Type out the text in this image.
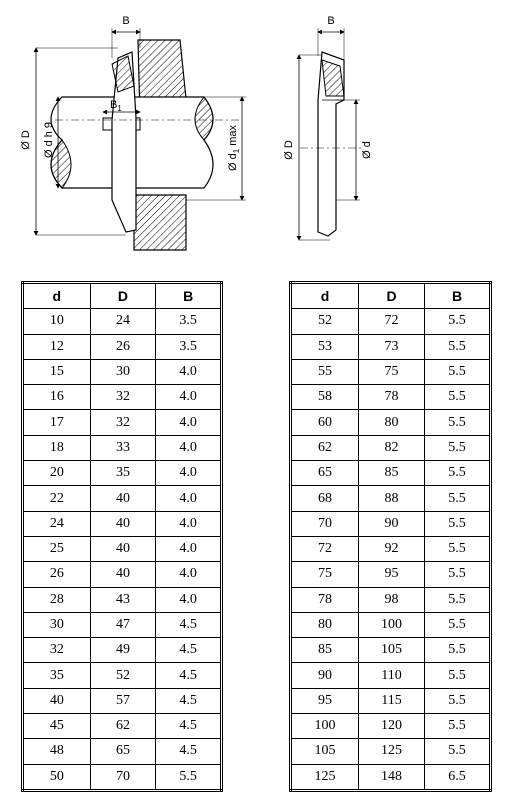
B
$B_1$
Ø D Ø d h 9
Ø $d_1$ max
B
Ø D	Ø d
d	D	B
10	24	3.5
12	26	3.5
15	30	4.0
16	32	4.0
17	32	4.0
18	33	4.0
20	35	4.0
22	40	4.0
24	40	4.0
25	40	4.0
26	40	4.0
28	43	4.0
30	47	4.5
32	49	4.5
35	52	4.5
40	57	4.5
45	62	4.5
48	65	4.5
50	70	5.5
d	D	B
52	72	5.5
53	73	5.5
55	75	5.5
58	78	5.5
60	80	5.5
62	82	5.5
65	85	5.5
68	88	5.5
70	90	5.5
72	92	5.5
75	95	5.5
78	98	5.5
80	100	5.5
85	105	5.5
90	110	5.5
95	115	5.5
100	120	5.5
105	125	5.5
125	148	6.5
